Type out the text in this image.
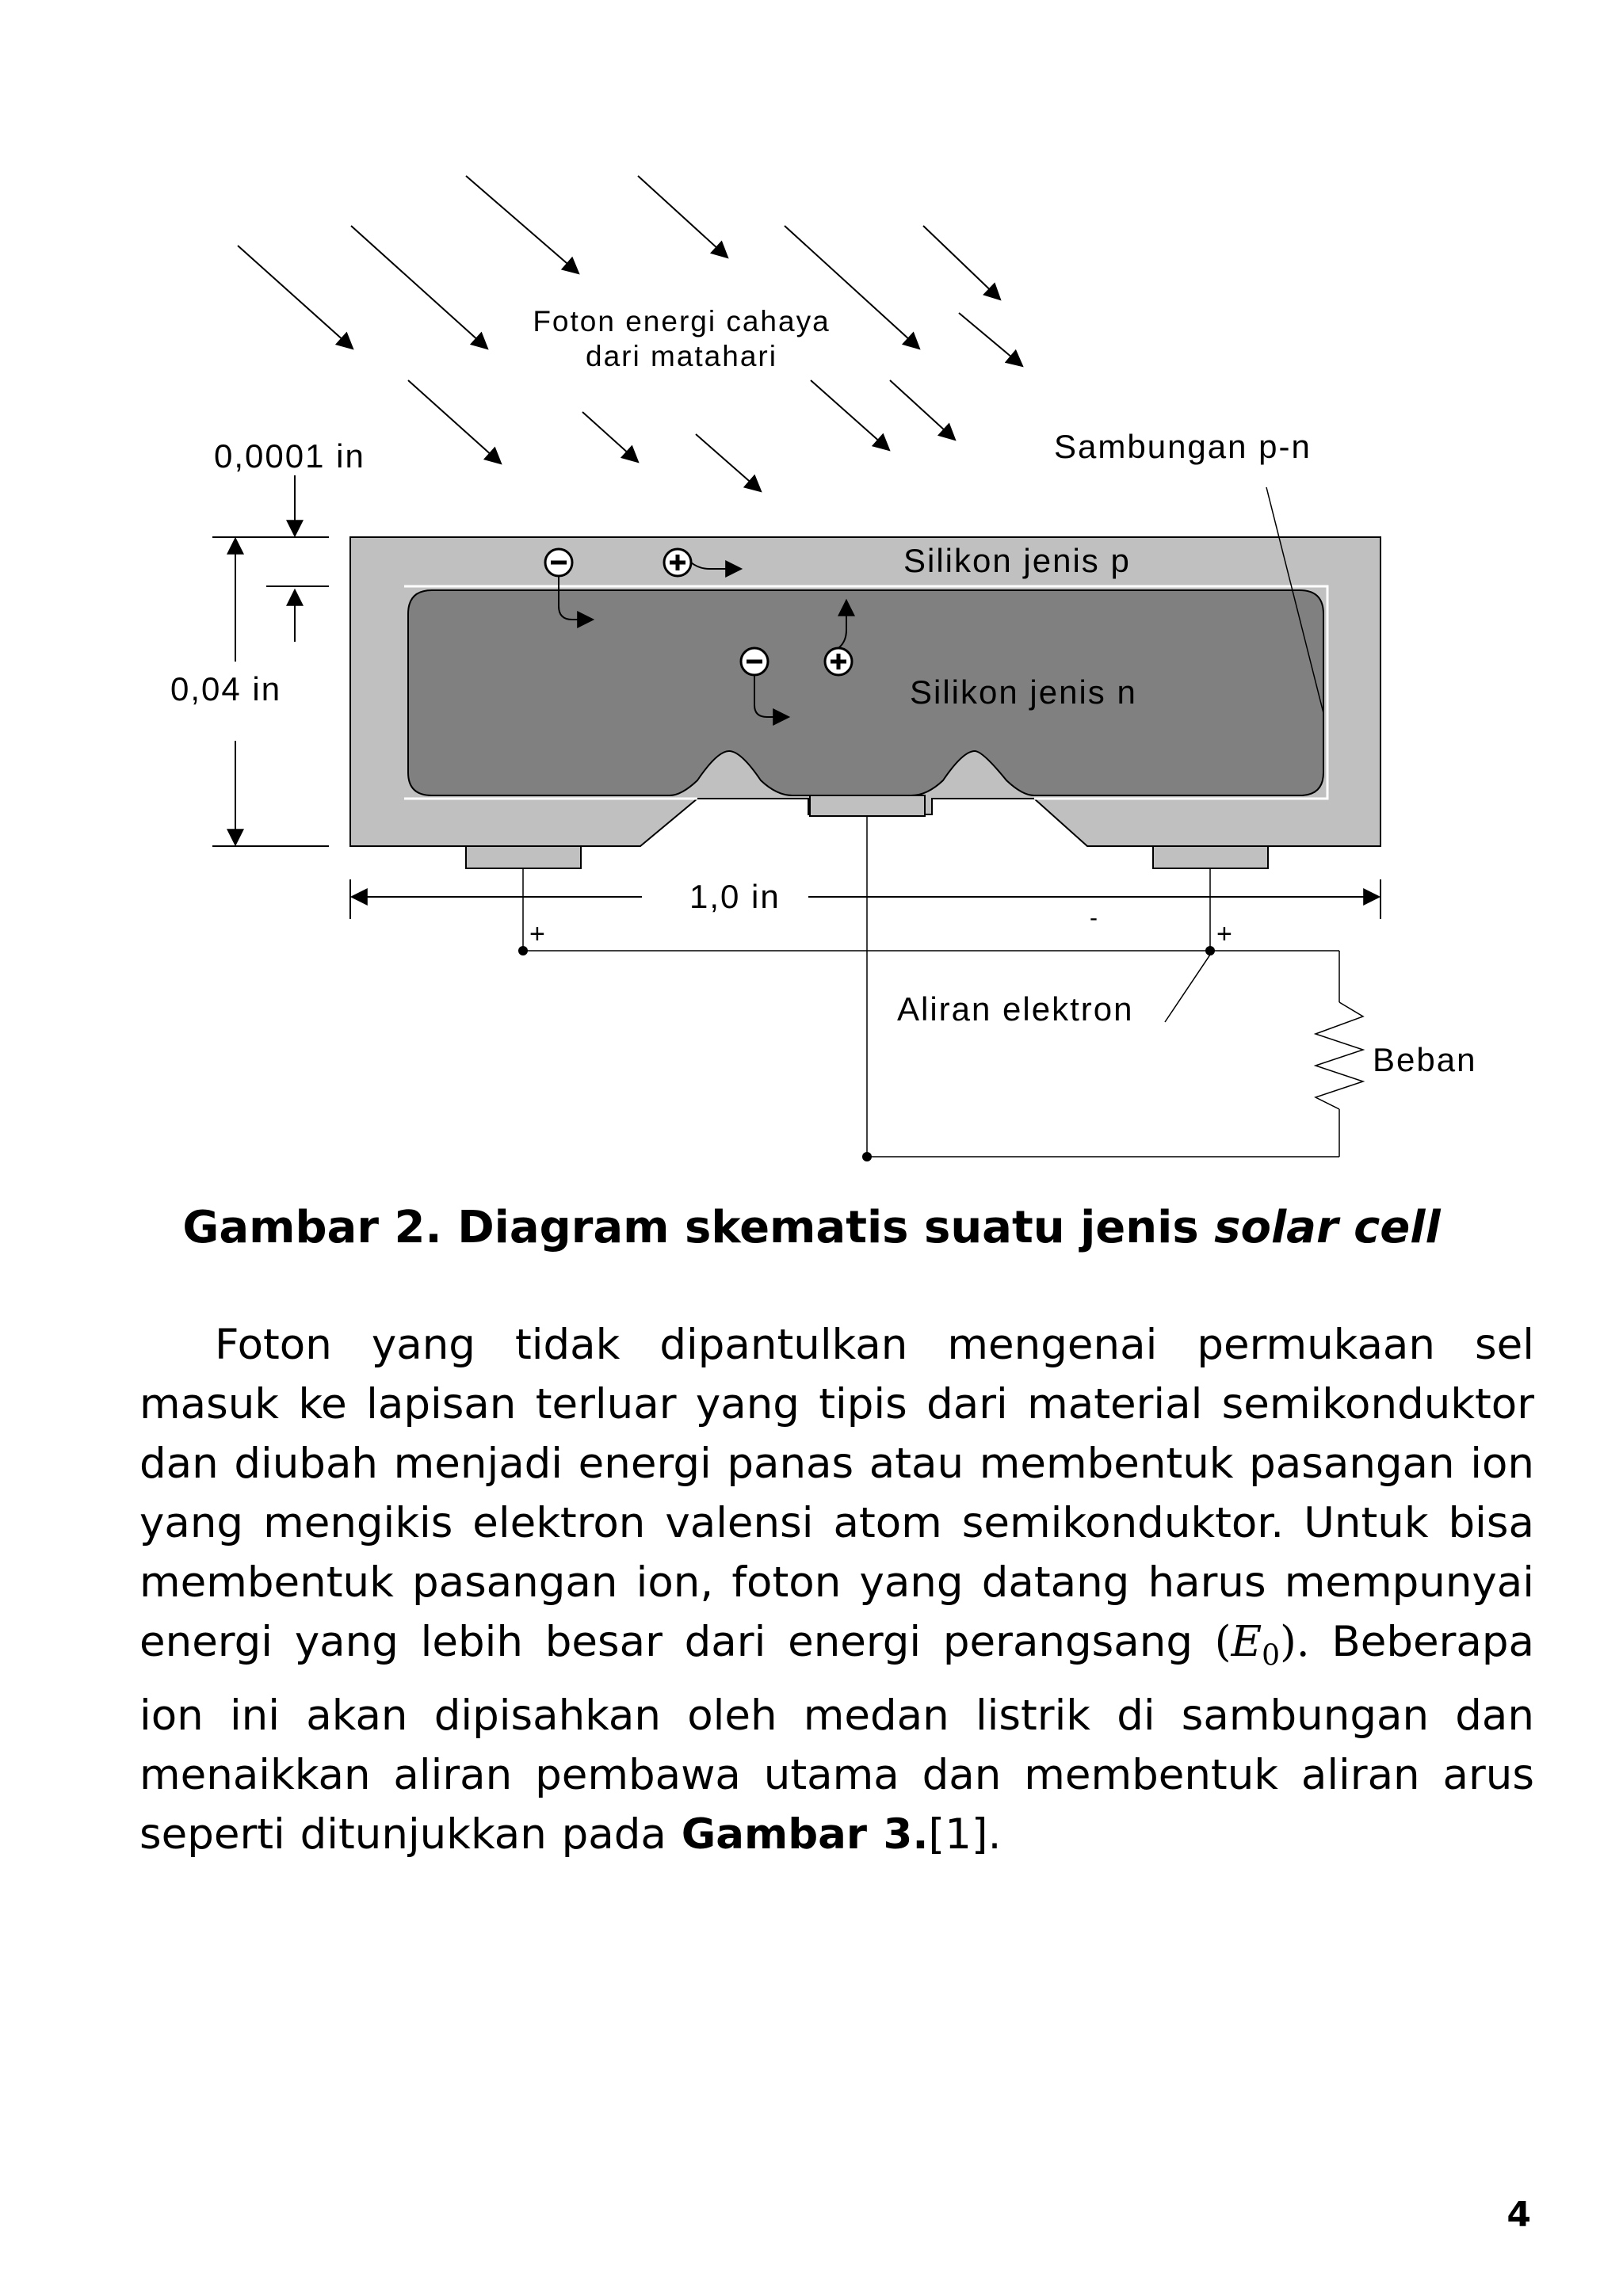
Foton energi cahaya
dari matahari
0,0001 in	Sambungan p-n
Silikon jenis p
Silikon jenis n
0,04 in
1,0 in
-
+	+
Aliran elektron
Beban
Gambar 2. Diagram skematis suatu jenis solar cell

Foton yang tidak dipantulkan mengenai permukaan sel masuk ke lapisan terluar yang tipis dari material semikonduktor dan diubah menjadi energi panas atau membentuk pasangan ion yang mengikis elektron valensi atom semikonduktor. Untuk bisa membentuk pasangan ion, foton yang datang harus mempunyai energi yang lebih besar dari energi perangsang $(E_0)$. Beberapa ion ini akan dipisahkan oleh medan listrik di sambungan dan menaikkan aliran pembawa utama dan membentuk aliran arus seperti ditunjukkan pada Gambar 3.[1].

4
